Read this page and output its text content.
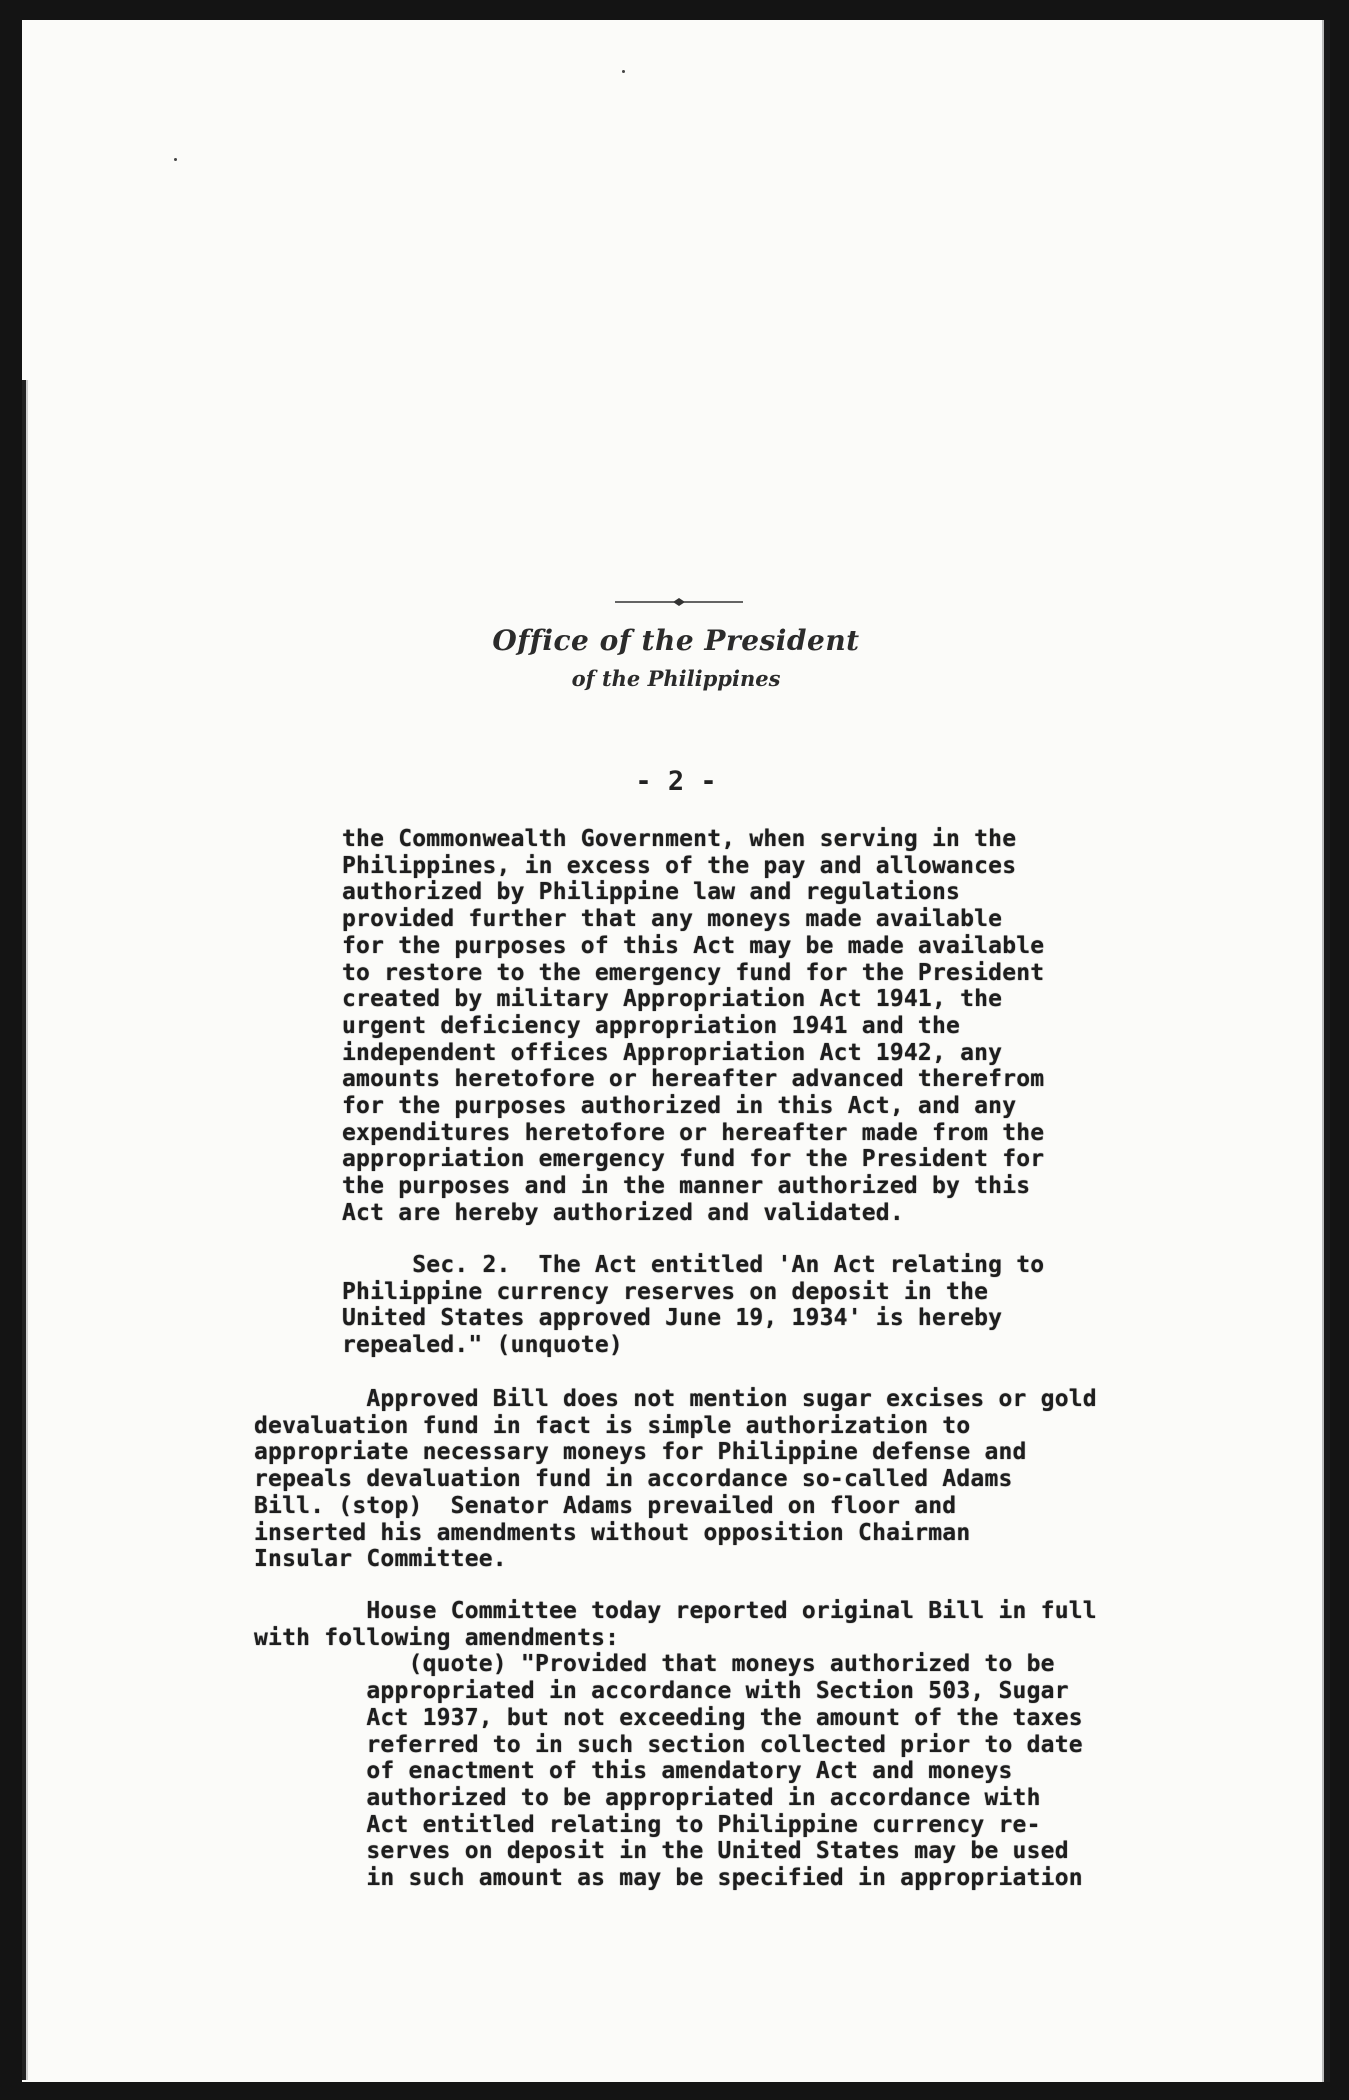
Office of the President
of the Philippines
- 2 -
the Commonwealth Government, when serving in the
Philippines, in excess of the pay and allowances
authorized by Philippine law and regulations
provided further that any moneys made available
for the purposes of this Act may be made available
to restore to the emergency fund for the President
created by military Appropriation Act 1941, the
urgent deficiency appropriation 1941 and the
independent offices Appropriation Act 1942, any
amounts heretofore or hereafter advanced therefrom
for the purposes authorized in this Act, and any
expenditures heretofore or hereafter made from the
appropriation emergency fund for the President for
the purposes and in the manner authorized by this
Act are hereby authorized and validated.
Sec. 2.  The Act entitled 'An Act relating to
Philippine currency reserves on deposit in the
United States approved June 19, 1934' is hereby
repealed." (unquote)
Approved Bill does not mention sugar excises or gold
devaluation fund in fact is simple authorization to
appropriate necessary moneys for Philippine defense and
repeals devaluation fund in accordance so-called Adams
Bill. (stop)  Senator Adams prevailed on floor and
inserted his amendments without opposition Chairman
Insular Committee.
House Committee today reported original Bill in full
with following amendments:
(quote) "Provided that moneys authorized to be
appropriated in accordance with Section 503, Sugar
Act 1937, but not exceeding the amount of the taxes
referred to in such section collected prior to date
of enactment of this amendatory Act and moneys
authorized to be appropriated in accordance with
Act entitled relating to Philippine currency re-
serves on deposit in the United States may be used
in such amount as may be specified in appropriation
